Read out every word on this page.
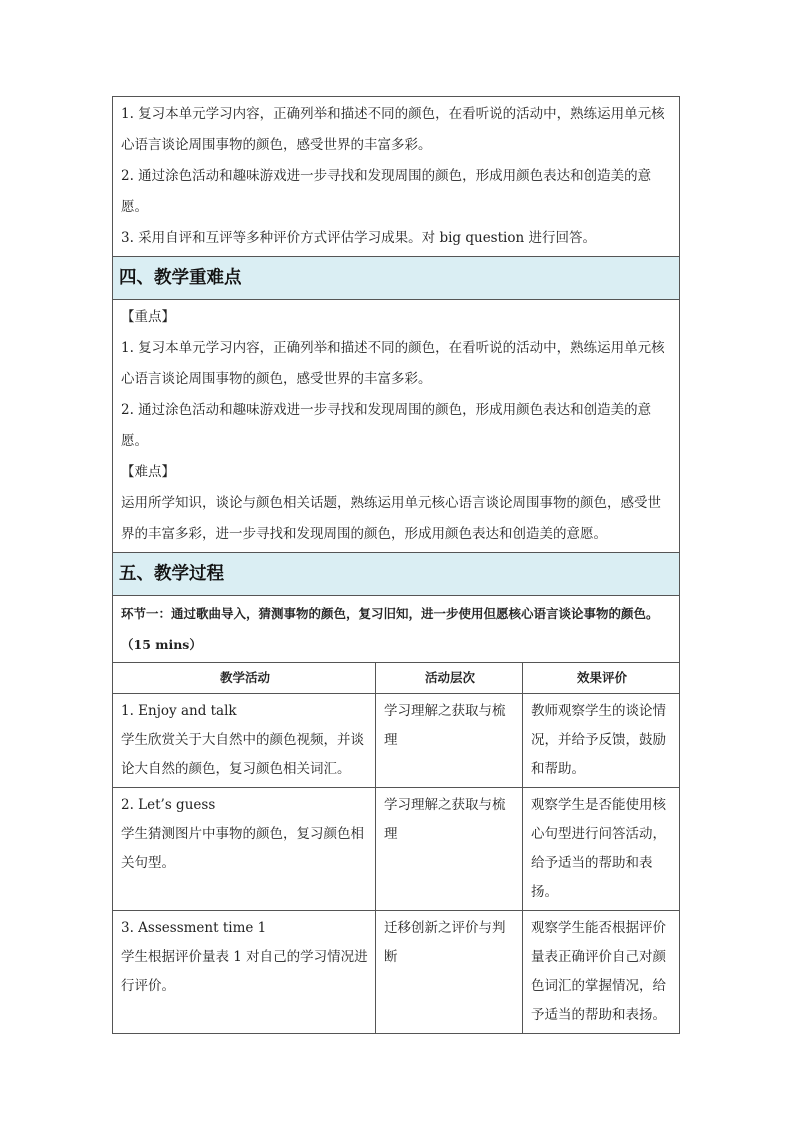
1. 复习本单元学习内容，正确列举和描述不同的颜色，在看听说的活动中，熟练运用单元核心语言谈论周围事物的颜色，感受世界的丰富多彩。

2. 通过涂色活动和趣味游戏进一步寻找和发现周围的颜色，形成用颜色表达和创造美的意愿。

3. 采用自评和互评等多种评价方式评估学习成果。对 big question 进行回答。

四、教学重难点

【重点】

1. 复习本单元学习内容，正确列举和描述不同的颜色，在看听说的活动中，熟练运用单元核心语言谈论周围事物的颜色，感受世界的丰富多彩。

2. 通过涂色活动和趣味游戏进一步寻找和发现周围的颜色，形成用颜色表达和创造美的意愿。

【难点】

运用所学知识，谈论与颜色相关话题，熟练运用单元核心语言谈论周围事物的颜色，感受世界的丰富多彩，进一步寻找和发现周围的颜色，形成用颜色表达和创造美的意愿。

五、教学过程

环节一：通过歌曲导入，猜测事物的颜色，复习旧知，进一步使用但愿核心语言谈论事物的颜色。（15 mins）

教学活动	活动层次	效果评价

1. Enjoy and talk

学生欣赏关于大自然中的颜色视频，并谈论大自然的颜色，复习颜色相关词汇。

学习理解之获取与梳理

教师观察学生的谈论情况，并给予反馈，鼓励和帮助。

2. Let’s guess

学生猜测图片中事物的颜色，复习颜色相关句型。

学习理解之获取与梳理

观察学生是否能使用核心句型进行问答活动，给予适当的帮助和表扬。

3. Assessment time 1

学生根据评价量表 1 对自己的学习情况进行评价。

迁移创新之评价与判断

观察学生能否根据评价量表正确评价自己对颜色词汇的掌握情况，给予适当的帮助和表扬。
